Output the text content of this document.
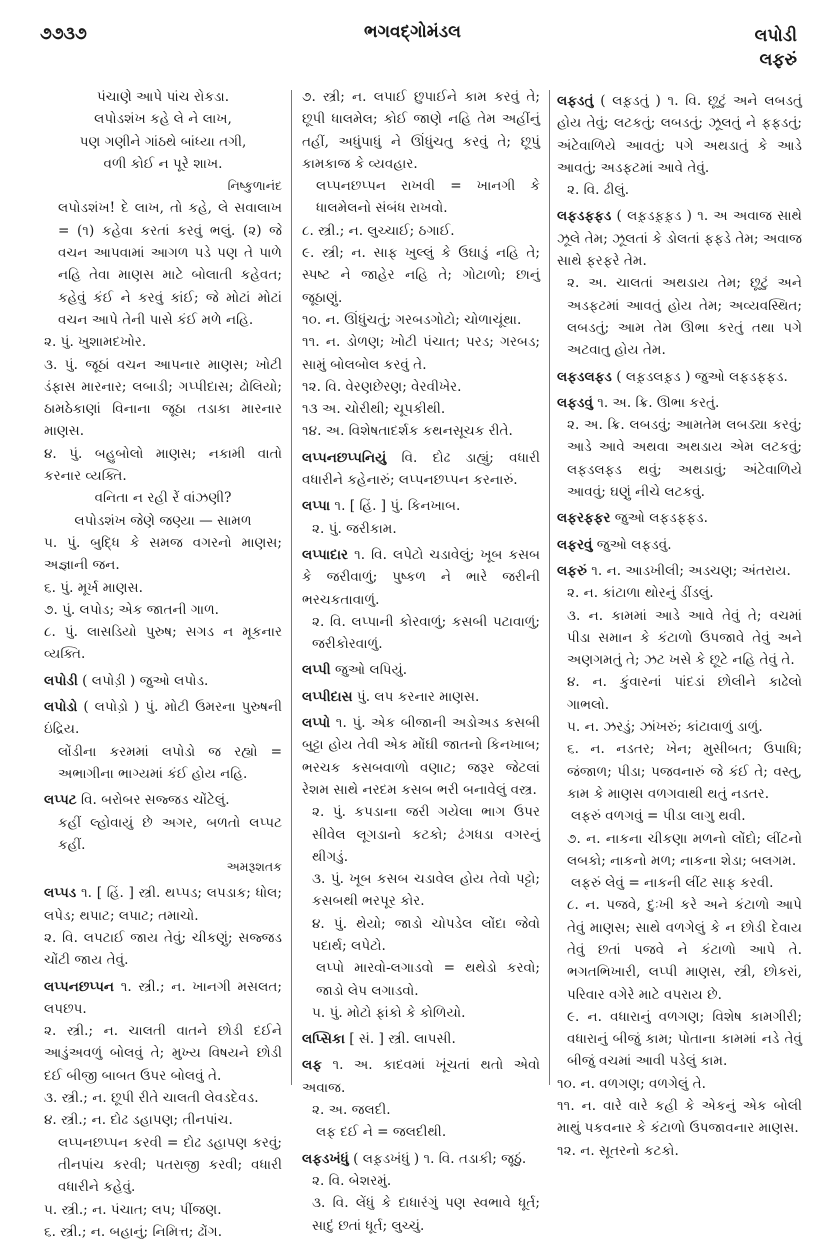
૭૭૩૭	ભગવદ્ગોમંડલ	લપોડી
લફરું

પંચાણે આપે પાંચ રોકડા.

લપોડશંખ કહે લે ને લાખ,

પણ ગણીને ગાંઠથે બાંધ્યા તગી,

વળી કોઈ ન પૂરે શાખ.

નિષ્કુળાનંદ

લપોડશંખ! દે લાખ, તો કહે, લે સવાલાખ = (૧) કહેવા કરતાં કરવું ભલું. (૨) જે વચન આપવામાં આગળ પડે પણ તે પાળે નહિ તેવા માણસ માટે બોલાતી કહેવત; કહેવું કંઈ ને કરવું કાંઈ; જે મોટાં મોટાં વચન આપે તેની પાસે કંઈ મળે નહિ.

૨. પું. ખુશામદખોર.

૩. પું. જૂઠાં વચન આપનાર માણસ; ખોટી ડંફાસ મારનાર; લબાડી; ગપ્પીદાસ; ઢોલિયો; ઠામઠેકાણાં વિનાના જૂઠા તડાકા મારનાર માણસ.

૪. પું. બહુબોલો માણસ; નકામી વાતો કરનાર વ્યક્તિ.

વનિતા ન રહી રેં વાંઝણી?

લપોડશંખ જેણે જણ્યા — સામળ

૫. પું. બુદ્ધિ કે સમજ વગરનો માણસ; અજ્ઞાની જન.

૬. પું. મૂર્ખ માણસ.

૭. પું. લપોડ; એક જાતની ગાળ.

૮. પું. લાસડિયો પુરુષ; સગડ ન મૂકનાર વ્યક્તિ.

લપોડી ( લપોડ઼ી ) જુઓ લપોડ.

લપોડો ( લપોડ઼ો ) પું. મોટી ઉમરના પુરુષની ઇંદ્રિય.

લોંડીના કરમમાં લપોડો જ રહ્યો = અભાગીના ભાગ્યમાં કંઈ હોય નહિ.

લપ્પટ વિ. બરોબર સજ્જડ ચોંટેલું.

કહીં લ્હોવાયું છે અગર, બળતો લપ્પટ કહીં.

અમરૂશતક

લપ્પડ ૧. [ હિં. ] સ્ત્રી. થપ્પડ; લપડાક; ધોલ; લપેડ; થપાટ; લપાટ; તમાચો.

૨. વિ. લપટાઈ જાય તેવું; ચીકણું; સજ્જડ ચોંટી જાય તેવું.

લપ્પનછપ્પન ૧. સ્ત્રી.; ન. ખાનગી મસલત; લપછપ.

૨. સ્ત્રી.; ન. ચાલતી વાતને છોડી દઈને આડુંઅવળું બોલવું તે; મુખ્ય વિષયને છોડી દઈ બીજી બાબત ઉપર બોલવું તે.

૩. સ્ત્રી.; ન. છૂપી રીતે ચાલતી લેવડદેવડ.

૪. સ્ત્રી.; ન. દોઢ ડહાપણ; તીનપાંચ.

લપ્પનછપ્પન કરવી = દોઢ ડહાપણ કરવું; તીનપાંચ કરવી; પતરાજી કરવી; વધારી વધારીને કહેવું.

૫. સ્ત્રી.; ન. પંચાત; લપ; પીંજણ.

૬. સ્ત્રી.; ન. બહાનું; નિમિત્ત; ઢોંગ.

૭. સ્ત્રી; ન. લપાઈ છુપાઈને કામ કરવું તે; છૂપી ધાલમેલ; કોઈ જાણે નહિ તેમ અહીંનું તહીં, અધુંપાધું ને ઊંધુંચતુ કરવું તે; છૂપું કામકાજ કે વ્યવહાર.

લપ્પનછપ્પન રાખવી = ખાનગી કે ધાલમેલનો સંબંધ રાખવો.

૮. સ્ત્રી.; ન. લુચ્ચાઈ; ઠગાઈ.

૯. સ્ત્રી; ન. સાફ ખુલ્લું કે ઉઘાડું નહિ તે; સ્પષ્ટ ને જાહેર નહિ તે; ગોટાળો; છાનું જૂઠાણું.

૧૦. ન. ઊંધુંચતું; ગરબડગોટો; ચોળાચૂંથા.

૧૧. ન. ડોળણ; ખોટી પંચાત; પરડ; ગરબડ; સામું બોલબોલ કરવું તે.

૧૨. વિ. વેરણછેરણ; વેરવીખેર.

૧૩ અ. ચોરીથી; ચૂપકીથી.

૧૪. અ. વિશેષતાદર્શક કથનસૂચક રીતે.

લપ્પનછપ્પનિયું વિ. દોઢ ડાહ્યું; વધારી વધારીને કહેનારું; લપ્પનછપ્પન કરનારું.

લપ્પા ૧. [ હિં. ] પું. કિનખાબ.

૨. પું. જરીકામ.

લપ્પાદાર ૧. વિ. લપેટો ચડાવેલું; ખૂબ કસબ કે જરીવાળું; પુષ્કળ ને ભારે જરીની ભરચકતાવાળું.

૨. વિ. લપ્પાની કોરવાળું; કસબી પટાવાળું; જરીકોરવાળું.

લપ્પી જુઓ લપિયું.

લપ્પીદાસ પું. લપ કરનાર માણસ.

લપ્પો ૧. પું. એક બીજાની અડોઅડ કસબી બુટ્ટા હોય તેવી એક મોંઘી જાતનો કિનખાબ; ભરચક કસબવાળો વણાટ; જરૂર જેટલાં રેશમ સાથે નરદમ કસબ ભરી બનાવેલું વસ્ત્ર.

૨. પું. કપડાના જરી ગયેલા ભાગ ઉપર સીવેલ લૂગડાનો કટકો; ઢંગધડા વગરનું થીગડું.

૩. પું. ખૂબ કસબ ચડાવેલ હોય તેવો પટ્ટો; કસબથી ભરપૂર કોર.

૪. પું. થેયો; જાડો ચોપડેલ લોંદા જેવો પદાર્થ; લપેટો.

લપ્પો મારવો-લગાડવો = થથેડો કરવો; જાડો લેપ લગાડવો.

૫. પું. મોટો ફાંકો કે કોળિયો.

લપ્સિકા [ સં. ] સ્ત્રી. લાપસી.

લફ ૧. અ. કાદવમાં ખૂંચતાં થતો એવો અવાજ.

૨. અ. જલદી.

લફ દઈ ને = જલદીથી.

લફડખંધું ( લફ઼ડખંધું ) ૧. વિ. તડાકી; જૂઠું.

૨. વિ. બેશરમું.

૩. વિ. લેંધું કે દાધારંગું પણ સ્વભાવે ધૂર્ત; સાદું છતાં ધૂર્ત; લુચ્ચું.

લફડતું ( લફ઼ડતું ) ૧. વિ. છૂટું અને લબડતું હોય તેવું; લટકતું; લબડતું; ઝૂલતું ને ફફડતું; અંટેવાળિયે આવતું; પગે અથડાતું કે આડે આવતું; અડફટમાં આવે તેવું.

૨. વિ. ઢીલું.

લફડફફડ ( લફ઼ડફ઼ફ઼ડ ) ૧. અ અવાજ સાથે ઝૂલે તેમ; ઝૂલતાં કે ડોલતાં ફફડે તેમ; અવાજ સાથે ફરફરે તેમ.

૨. અ. ચાલતાં અથડાય તેમ; છૂટું અને અડફટમાં આવતું હોય તેમ; અવ્યવસ્થિત; લબડતું; આમ તેમ ઊભા કરતું તથા પગે અટવાતુ હોય તેમ.

લફડલફડ ( લફ઼ડલફ઼ડ ) જુઓ લફડફફડ.

લફડવું ૧. અ. ક્રિ. ઊભા કરતું.

૨. અ. ક્રિ. લબડવું; આમતેમ લબડ્યા કરવું; આડે આવે અથવા અથડાય એમ લટકવું; લફડલફડ થવું; અથડાવું; અંટેવાળિયે આવવું; ઘણું નીચે લટકવું.

લફરફફર જુઓ લફડફફડ.

લફરવું જુઓ લફડવું.

લફરું ૧. ન. આડખીલી; અડચણ; અંતરાય.

૨. ન. કાંટાળા થોરનું ડીંડલું.

૩. ન. કામમાં આડે આવે તેવું તે; વચમાં પીડા સમાન કે કંટાળો ઉપજાવે તેવું અને અણગમતું તે; ઝટ ખસે કે છૂટે નહિ તેવું તે.

૪. ન. કુંવારનાં પાંદડાં છોલીને કાઢેલો ગાભલો.

૫. ન. ઝરડું; ઝાંખરું; કાંટાવાળું ડાળું.

૬. ન. નડતર; ખેન; મુસીબત; ઉપાધિ; જંજાળ; પીડા; પજવનારું જે કંઈ તે; વસ્તુ, કામ કે માણસ વળગવાથી થતું નડતર.

લફરું વળગવું = પીડા લાગુ થવી.

૭. ન. નાકના ચીકણા મળનો લોંદો; લીંટનો લબકો; નાકનો મળ; નાકના શેડા; બલગમ.

લફરું લેવું = નાકની લીંટ સાફ કરવી.

૮. ન. પજવે, દુઃખી કરે અને કંટાળો આપે તેવું માણસ; સાથે વળગેલું કે ન છોડી દેવાય તેવું છતાં પજવે ને કંટાળો આપે તે. ભગતભિખારી, લપ્પી માણસ, સ્ત્રી, છોકરાં, પરિવાર વગેરે માટે વપરાય છે.

૯. ન. વધારાનું વળગણ; વિશેષ કામગીરી; વધારાનું બીજું કામ; પોતાના કામમાં નડે તેવું બીજું વચમાં આવી પડેલું કામ.

૧૦. ન. વળગણ; વળગેલું તે.

૧૧. ન. વારે વારે કહી કે એકનું એક બોલી માથું પકવનાર કે કંટાળો ઉપજાવનાર માણસ.

૧૨. ન. સૂતરનો કટકો.
